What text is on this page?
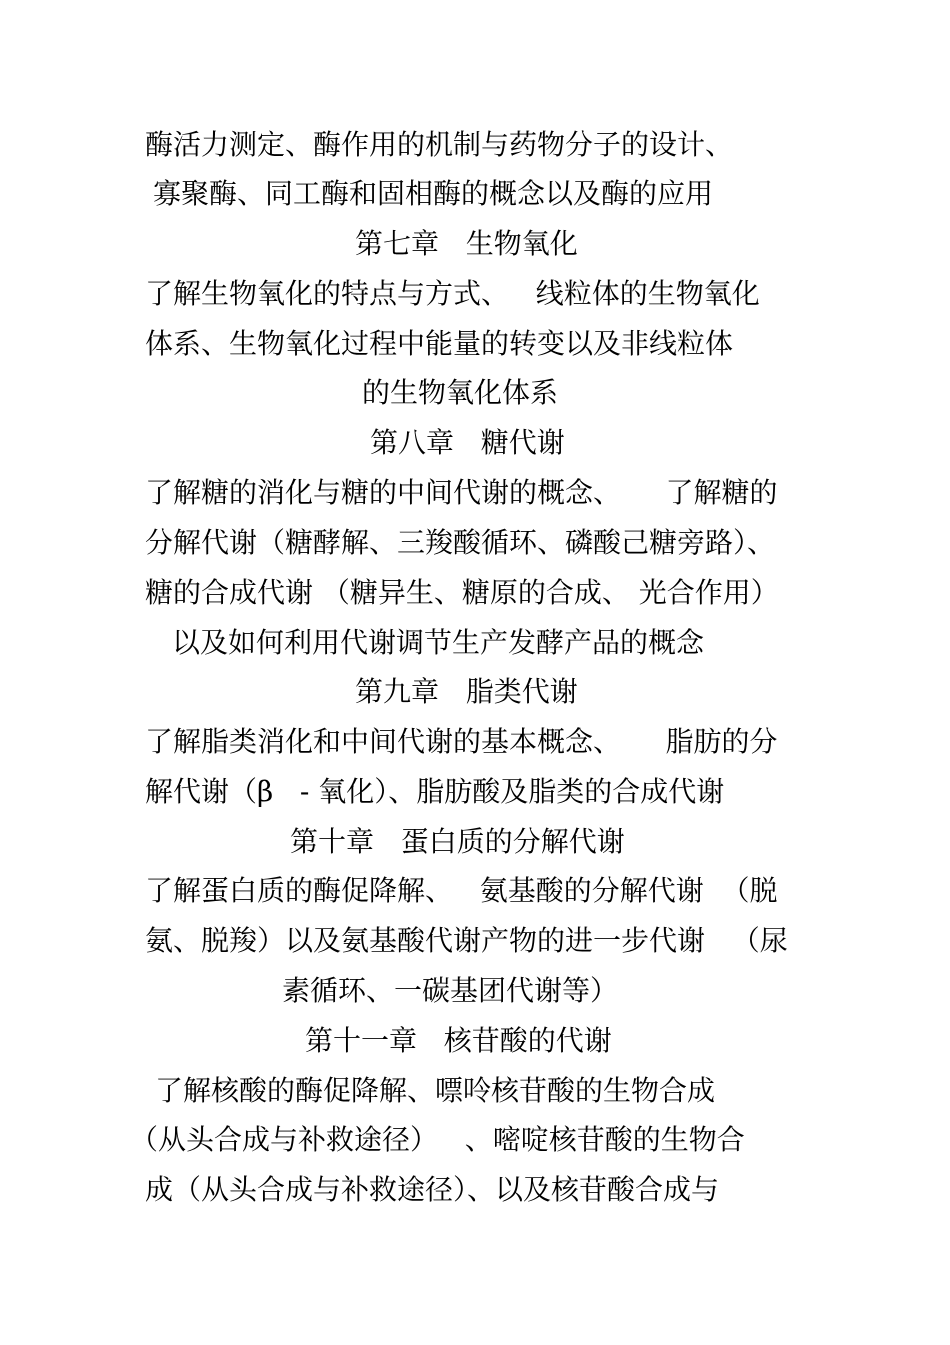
酶活力测定、酶作用的机制与药物分子的设计、

寡聚酶、同工酶和固相酶的概念以及酶的应用

第七章   生物氧化

了解生物氧化的特点与方式、   线粒体的生物氧化

体系、生物氧化过程中能量的转变以及非线粒体

的生物氧化体系

第八章   糖代谢

了解糖的消化与糖的中间代谢的概念、     了解糖的

分解代谢（糖酵解、三羧酸循环、磷酸己糖旁路）、

糖的合成代谢 （糖异生、糖原的合成、 光合作用）

以及如何利用代谢调节生产发酵产品的概念

第九章   脂类代谢

了解脂类消化和中间代谢的基本概念、     脂肪的分

解代谢（β   - 氧化）、脂肪酸及脂类的合成代谢

第十章   蛋白质的分解代谢

了解蛋白质的酶促降解、   氨基酸的分解代谢  （脱

氨、脱羧）以及氨基酸代谢产物的进一步代谢   （尿

素循环、一碳基团代谢等）

第十一章   核苷酸的代谢

了解核酸的酶促降解、嘌呤核苷酸的生物合成

（从头合成与补救途径）   、嘧啶核苷酸的生物合

成（从头合成与补救途径）、以及核苷酸合成与
